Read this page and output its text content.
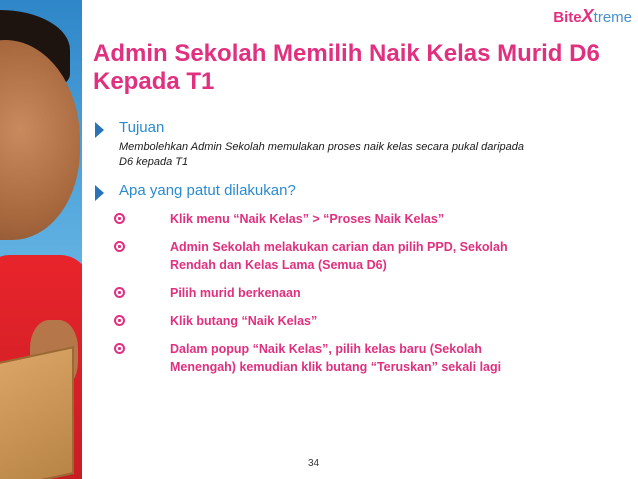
BiteXtreme
Admin Sekolah Memilih Naik Kelas Murid D6 Kepada T1
Tujuan
Membolehkan Admin Sekolah memulakan proses naik kelas secara pukal daripada D6 kepada T1
Apa yang patut dilakukan?
Klik menu “Naik Kelas” > “Proses Naik Kelas”
Admin Sekolah melakukan carian dan pilih PPD, Sekolah Rendah dan Kelas Lama (Semua D6)
Pilih murid berkenaan
Klik butang “Naik Kelas”
Dalam popup “Naik Kelas”, pilih kelas baru (Sekolah Menengah) kemudian klik butang “Teruskan” sekali lagi
34
